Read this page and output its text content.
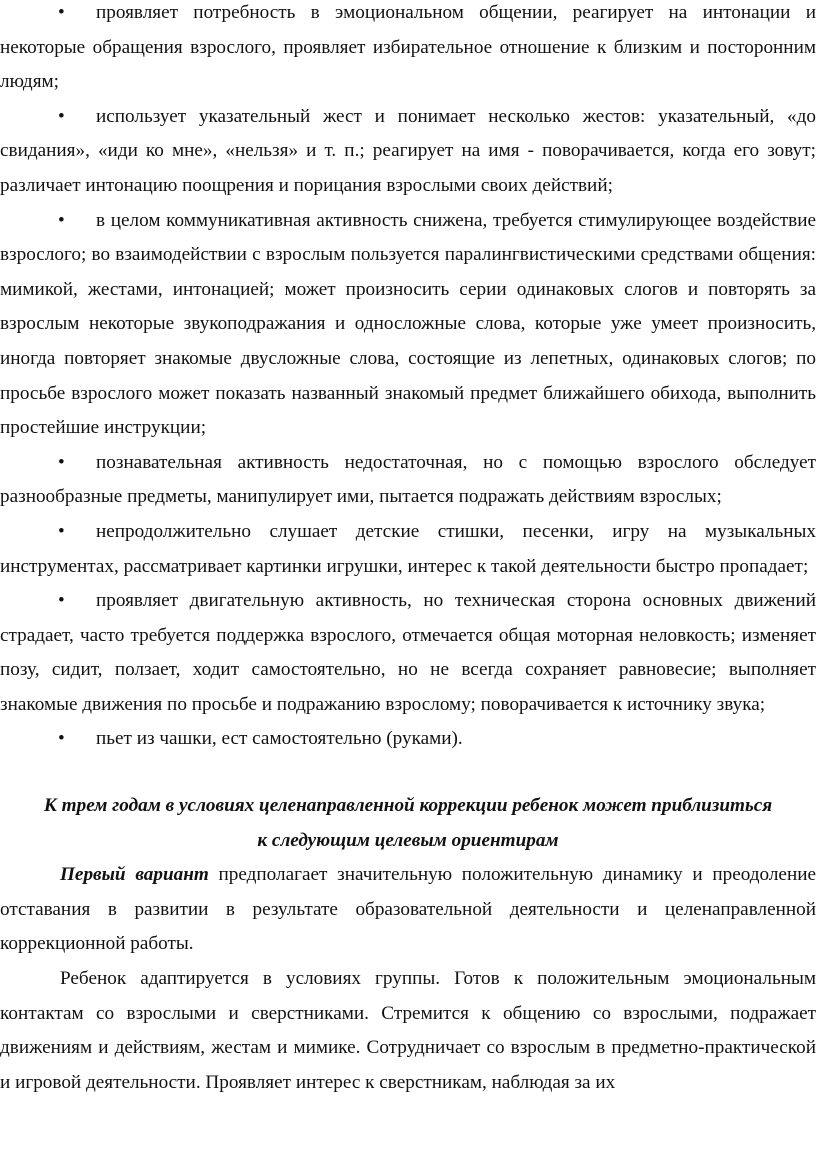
• проявляет потребность в эмоциональном общении, реагирует на интонации и некоторые обращения взрослого, проявляет избирательное отношение к близким и посторонним людям;

• использует указательный жест и понимает несколько жестов: указательный, «до свидания», «иди ко мне», «нельзя» и т. п.; реагирует на имя - поворачивается, когда его зовут; различает интонацию поощрения и порицания взрослыми своих действий;

• в целом коммуникативная активность снижена, требуется стимулирующее воздействие взрослого; во взаимодействии с взрослым пользуется паралингвистическими средствами общения: мимикой, жестами, интонацией; может произносить серии одинаковых слогов и повторять за взрослым некоторые звукоподражания и односложные слова, которые уже умеет произносить, иногда повторяет знакомые двусложные слова, состоящие из лепетных, одинаковых слогов; по просьбе взрослого может показать названный знакомый предмет ближайшего обихода, выполнить простейшие инструкции;

• познавательная активность недостаточная, но с помощью взрослого обследует разнообразные предметы, манипулирует ими, пытается подражать действиям взрослых;

• непродолжительно слушает детские стишки, песенки, игру на музыкальных инструментах, рассматривает картинки игрушки, интерес к такой деятельности быстро пропадает;

• проявляет двигательную активность, но техническая сторона основных движений страдает, часто требуется поддержка взрослого, отмечается общая моторная неловкость; изменяет позу, сидит, ползает, ходит самостоятельно, но не всегда сохраняет равновесие; выполняет знакомые движения по просьбе и подражанию взрослому; поворачивается к источнику звука;

• пьет из чашки, ест самостоятельно (руками).

К трем годам в условиях целенаправленной коррекции ребенок может приблизиться
к следующим целевым ориентирам

Первый вариант предполагает значительную положительную динамику и преодоление отставания в развитии в результате образовательной деятельности и целенаправленной коррекционной работы.

Ребенок адаптируется в условиях группы. Готов к положительным эмоциональным контактам со взрослыми и сверстниками. Стремится к общению со взрослыми, подражает движениям и действиям, жестам и мимике. Сотрудничает со взрослым в предметно-практической и игровой деятельности. Проявляет интерес к сверстникам, наблюдая за их
